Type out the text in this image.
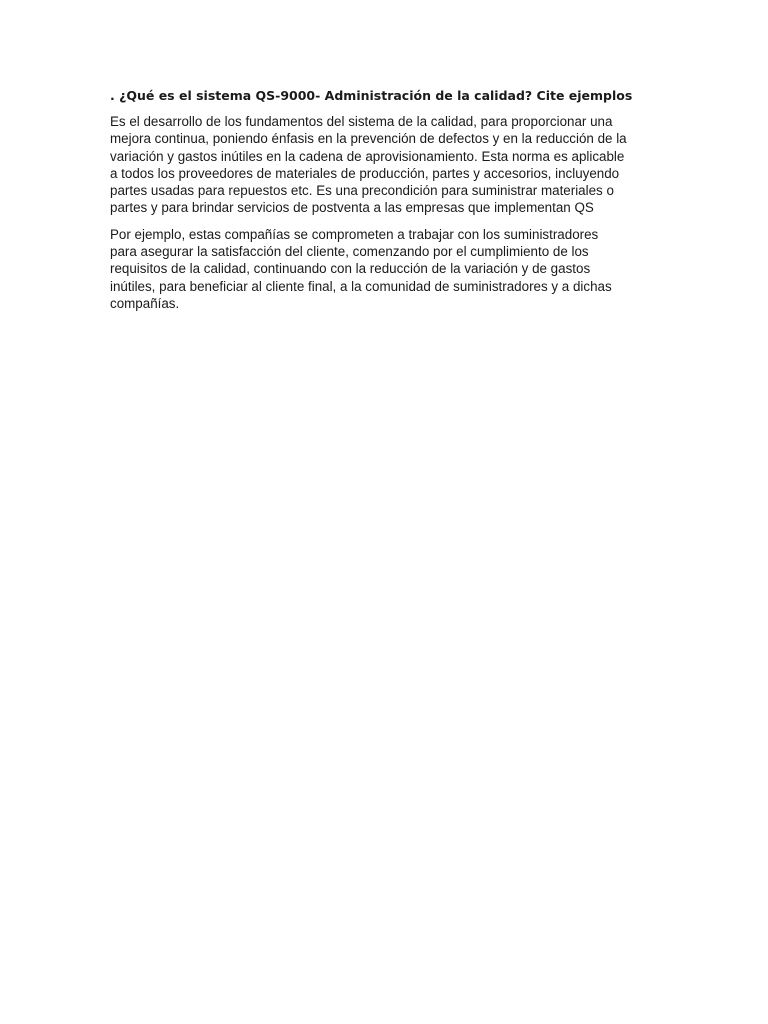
. ¿Qué es el sistema QS-9000- Administración de la calidad? Cite ejemplos
Es el desarrollo de los fundamentos del sistema de la calidad, para proporcionar una
mejora continua, poniendo énfasis en la prevención de defectos y en la reducción de la
variación y gastos inútiles en la cadena de aprovisionamiento. Esta norma es aplicable
a todos los proveedores de materiales de producción, partes y accesorios, incluyendo
partes usadas para repuestos etc. Es una precondición para suministrar materiales o
partes y para brindar servicios de postventa a las empresas que implementan QS
Por ejemplo, estas compañías se comprometen a trabajar con los suministradores
para asegurar la satisfacción del cliente, comenzando por el cumplimiento de los
requisitos de la calidad, continuando con la reducción de la variación y de gastos
inútiles, para beneficiar al cliente final, a la comunidad de suministradores y a dichas
compañías.
